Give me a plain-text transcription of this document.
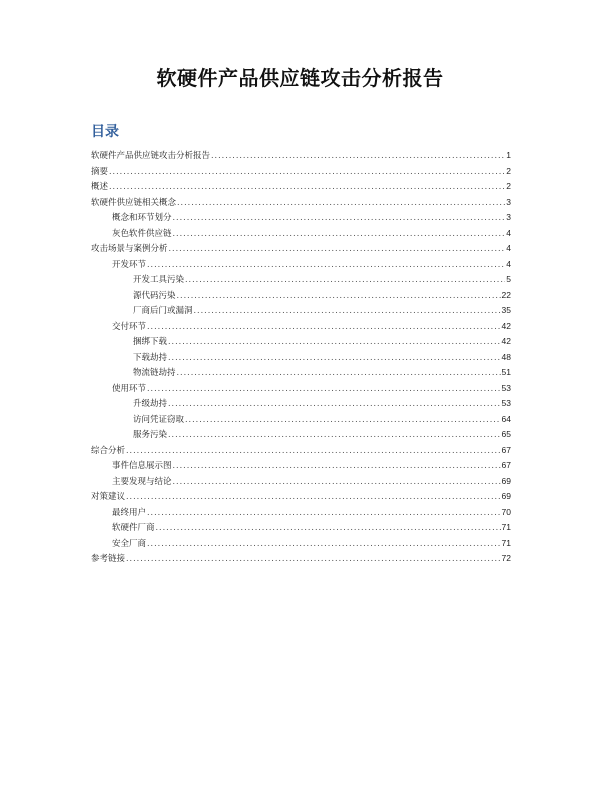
软硬件产品供应链攻击分析报告
目录
软硬件产品供应链攻击分析报告 .....	1
摘要 .....	2
概述 .....	2
软硬件供应链相关概念 .....	3
概念和环节划分 .....	3
灰色软件供应链 .....	4
攻击场景与案例分析 .....	4
开发环节 .....	4
开发工具污染 .....	5
源代码污染 .....	22
厂商后门或漏洞 .....	35
交付环节 .....	42
捆绑下载 .....	42
下载劫持 .....	48
物流链劫持 .....	51
使用环节 .....	53
升级劫持 .....	53
访问凭证窃取 .....	64
服务污染 .....	65
综合分析 .....	67
事件信息展示图 .....	67
主要发现与结论 .....	69
对策建议 .....	69
最终用户 .....	70
软硬件厂商 .....	71
安全厂商 .....	71
参考链接 .....	72
